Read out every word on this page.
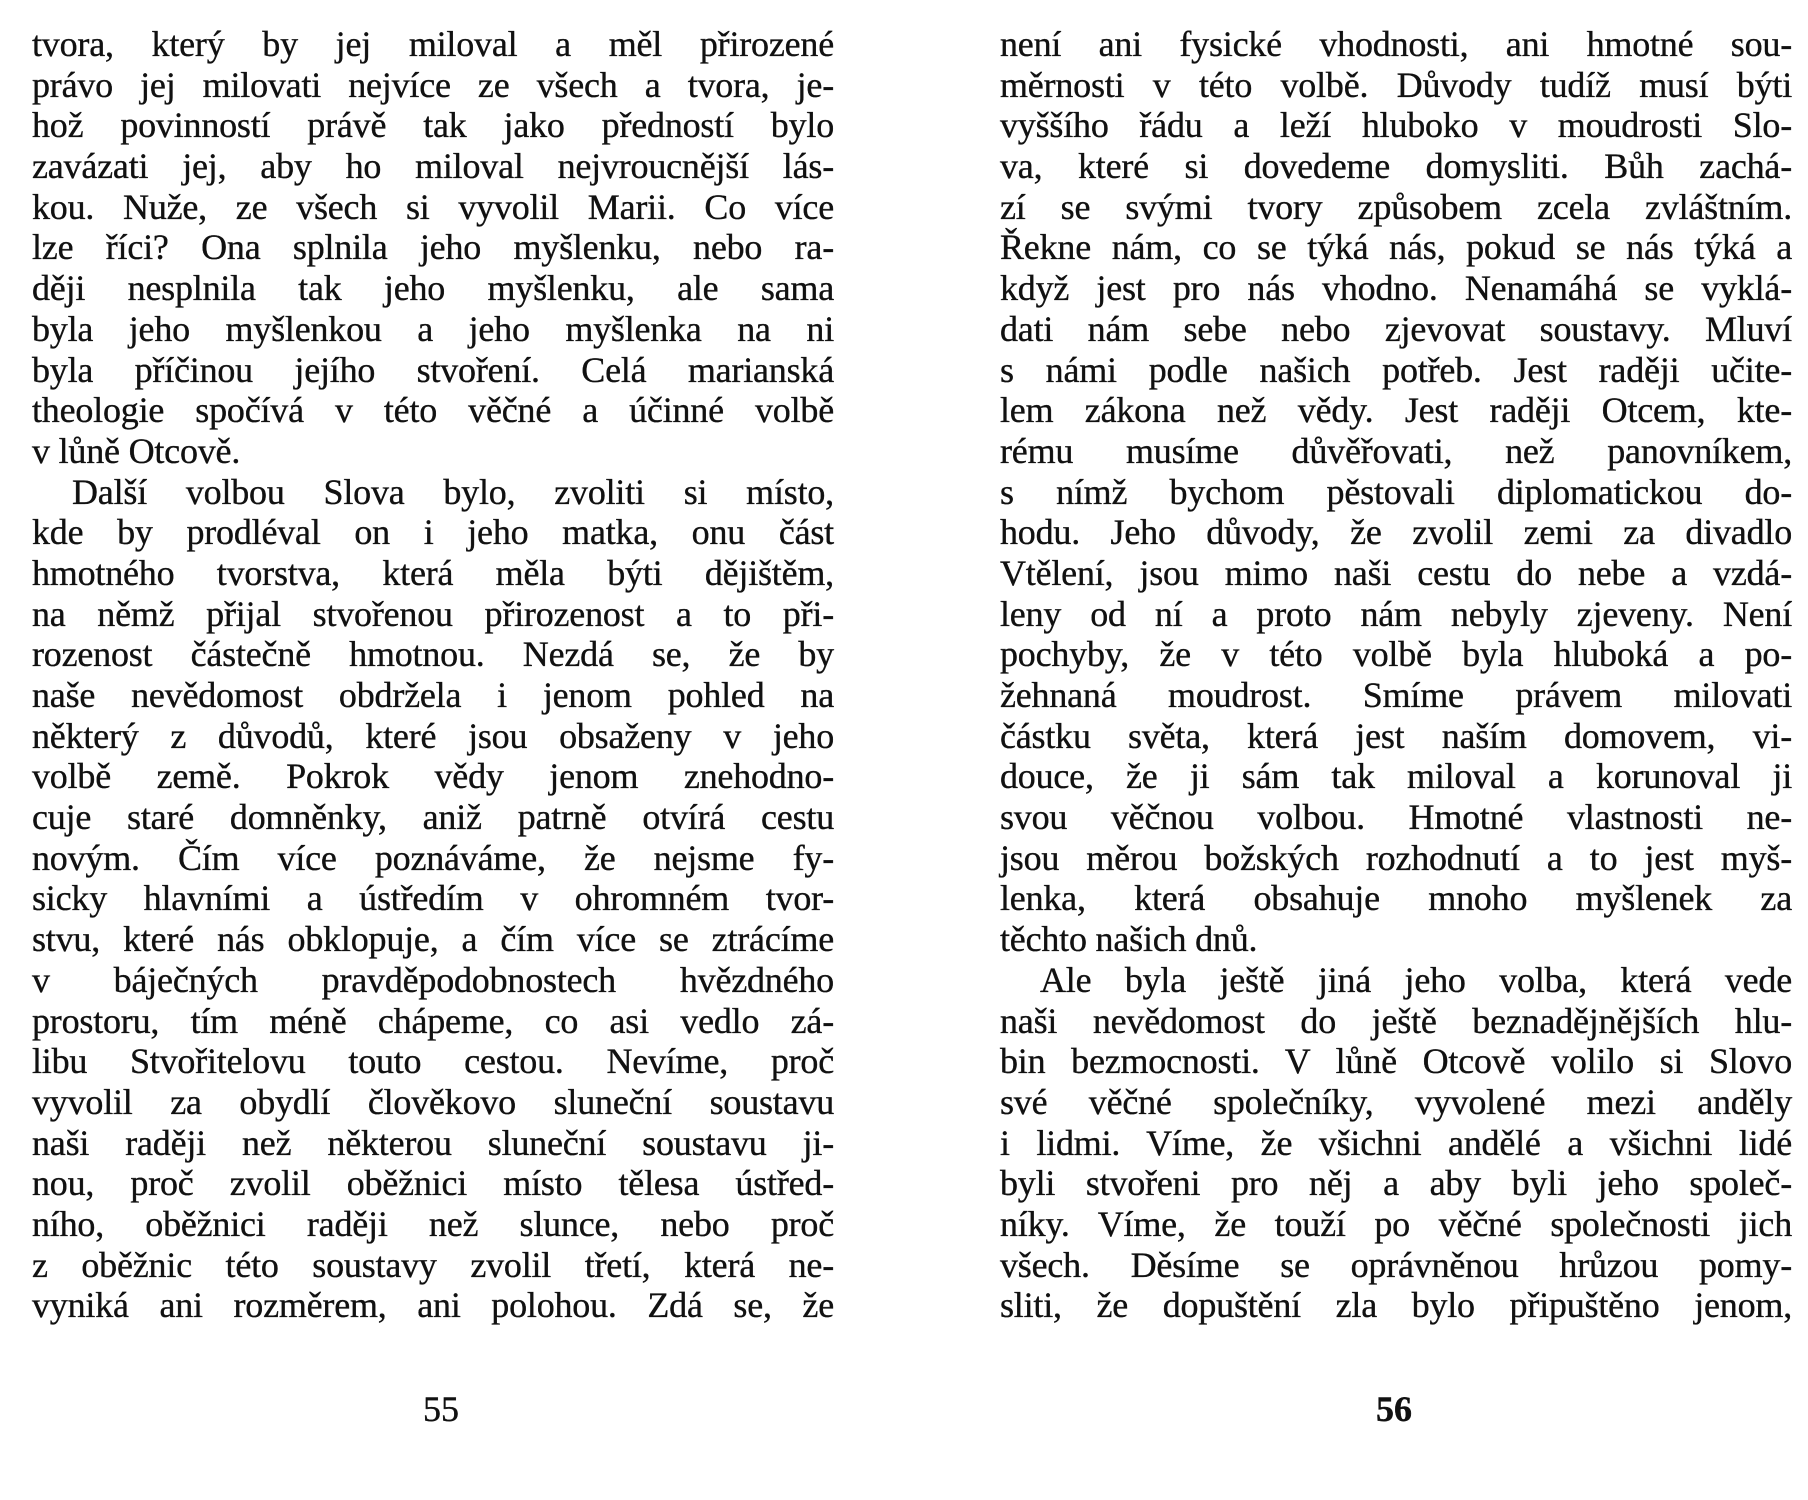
tvora, který by jej miloval a měl přirozené
právo jej milovati nejvíce ze všech a tvora, je-
hož povinností právě tak jako předností bylo
zavázati jej, aby ho miloval nejvroucnější lás-
kou. Nuže, ze všech si vyvolil Marii. Co více
lze říci? Ona splnila jeho myšlenku, nebo ra-
ději nesplnila tak jeho myšlenku, ale sama
byla jeho myšlenkou a jeho myšlenka na ni
byla příčinou jejího stvoření. Celá marianská
theologie spočívá v této věčné a účinné volbě
v lůně Otcově.
Další volbou Slova bylo, zvoliti si místo,
kde by prodléval on i jeho matka, onu část
hmotného tvorstva, která měla býti dějištěm,
na němž přijal stvořenou přirozenost a to při-
rozenost částečně hmotnou. Nezdá se, že by
naše nevědomost obdržela i jenom pohled na
některý z důvodů, které jsou obsaženy v jeho
volbě země. Pokrok vědy jenom znehodno-
cuje staré domněnky, aniž patrně otvírá cestu
novým. Čím více poznáváme, že nejsme fy-
sicky hlavními a ústředím v ohromném tvor-
stvu, které nás obklopuje, a čím více se ztrácíme
v báječných pravděpodobnostech hvězdného
prostoru, tím méně chápeme, co asi vedlo zá-
libu Stvořitelovu touto cestou. Nevíme, proč
vyvolil za obydlí člověkovo sluneční soustavu
naši raději než některou sluneční soustavu ji-
nou, proč zvolil oběžnici místo tělesa ústřed-
ního, oběžnici raději než slunce, nebo proč
z oběžnic této soustavy zvolil třetí, která ne-
vyniká ani rozměrem, ani polohou. Zdá se, že
není ani fysické vhodnosti, ani hmotné sou-
měrnosti v této volbě. Důvody tudíž musí býti
vyššího řádu a leží hluboko v moudrosti Slo-
va, které si dovedeme domysliti. Bůh zachá-
zí se svými tvory způsobem zcela zvláštním.
Řekne nám, co se týká nás, pokud se nás týká a
když jest pro nás vhodno. Nenamáhá se vyklá-
dati nám sebe nebo zjevovat soustavy. Mluví
s námi podle našich potřeb. Jest raději učite-
lem zákona než vědy. Jest raději Otcem, kte-
rému musíme důvěřovati, než panovníkem,
s nímž bychom pěstovali diplomatickou do-
hodu. Jeho důvody, že zvolil zemi za divadlo
Vtělení, jsou mimo naši cestu do nebe a vzdá-
leny od ní a proto nám nebyly zjeveny. Není
pochyby, že v této volbě byla hluboká a po-
žehnaná moudrost. Smíme právem milovati
částku světa, která jest naším domovem, vi-
douce, že ji sám tak miloval a korunoval ji
svou věčnou volbou. Hmotné vlastnosti ne-
jsou měrou božských rozhodnutí a to jest myš-
lenka, která obsahuje mnoho myšlenek za
těchto našich dnů.
Ale byla ještě jiná jeho volba, která vede
naši nevědomost do ještě beznadějnějších hlu-
bin bezmocnosti. V lůně Otcově volilo si Slovo
své věčné společníky, vyvolené mezi anděly
i lidmi. Víme, že všichni andělé a všichni lidé
byli stvořeni pro něj a aby byli jeho společ-
níky. Víme, že touží po věčné společnosti jich
všech. Děsíme se oprávněnou hrůzou pomy-
sliti, že dopuštění zla bylo připuštěno jenom,
55	56
